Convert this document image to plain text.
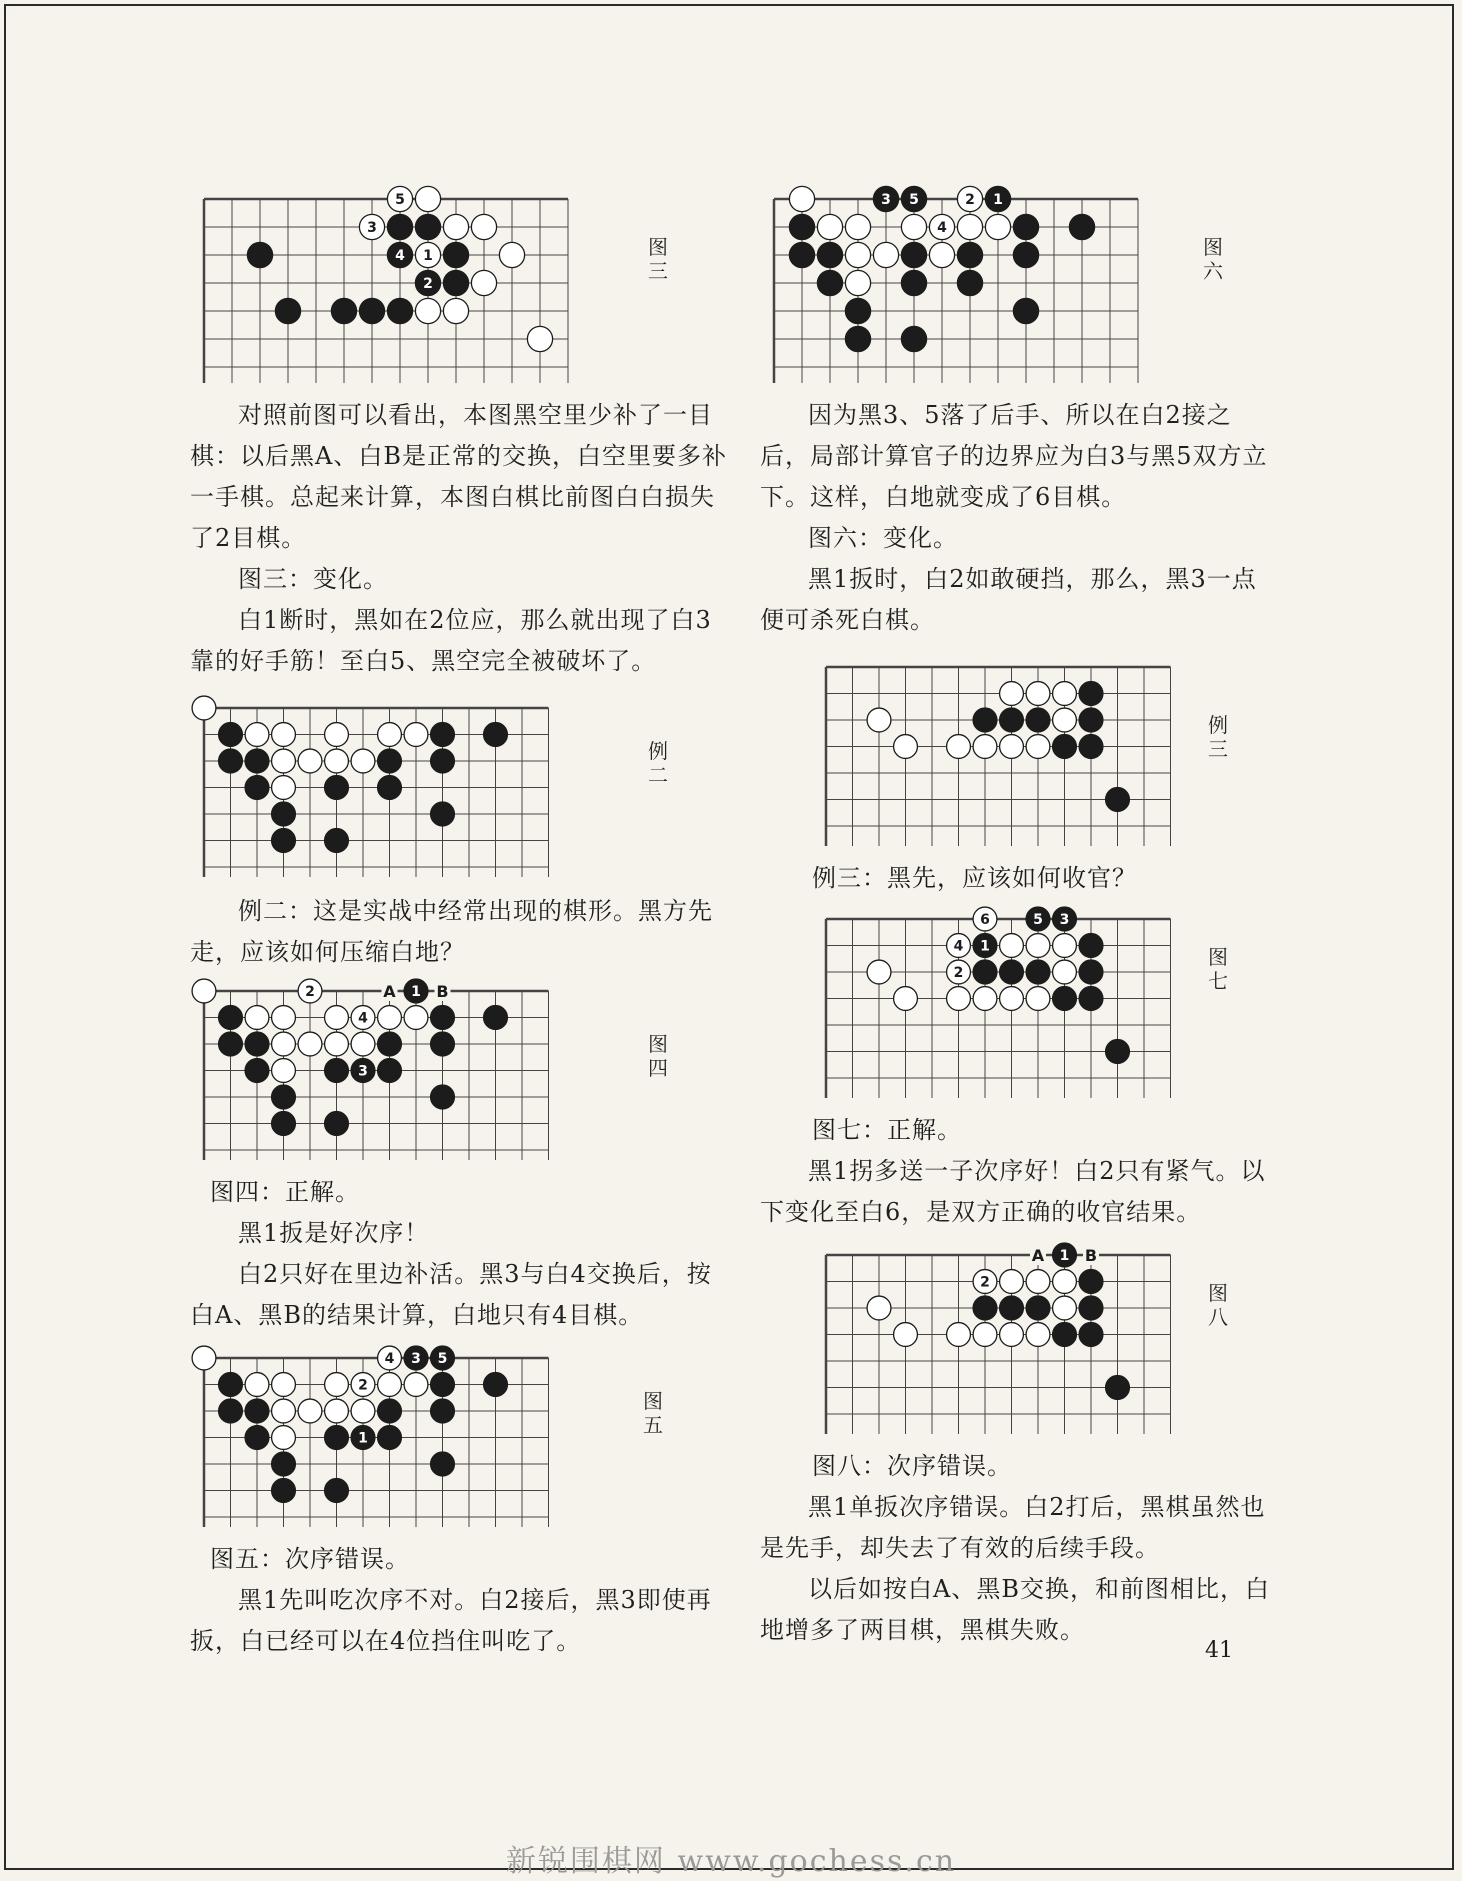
5
3
4 1
2
图
三

对照前图可以看出，本图黑空里少补了一目棋：以后黑A、白B是正常的交换，白空里要多补一手棋。总起来计算，本图白棋比前图白白损失了2目棋。

图三：变化。

白1断时，黑如在2位应，那么就出现了白3靠的好手筋！至白5、黑空完全被破坏了。

例
二

例二：这是实战中经常出现的棋形。黑方先走，应该如何压缩白地？

A	B
2	1
4
3
图
四

图四：正解。

黑1扳是好次序！

白2只好在里边补活。黑3与白4交换后，按白A、黑B的结果计算，白地只有4目棋。

4 3 5
2
1
图
五

图五：次序错误。

黑1先叫吃次序不对。白2接后，黑3即使再扳，白已经可以在4位挡住叫吃了。

3 5	2 1
4
图
六

因为黑3、5落了后手、所以在白2接之后，局部计算官子的边界应为白3与黑5双方立下。这样，白地就变成了6目棋。

图六：变化。

黑1扳时，白2如敢硬挡，那么，黑3一点便可杀死白棋。

例
三

例三：黑先，应该如何收官？

6	5 3
4 1
2
图
七

图七：正解。

黑1拐多送一子次序好！白2只有紧气。以下变化至白6，是双方正确的收官结果。

A	B
1
2	图
八

图八：次序错误。

黑1单扳次序错误。白2打后，黑棋虽然也是先手，却失去了有效的后续手段。

以后如按白A、黑B交换，和前图相比，白地增多了两目棋，黑棋失败。

41
新锐围棋网 www.gochess.cn
